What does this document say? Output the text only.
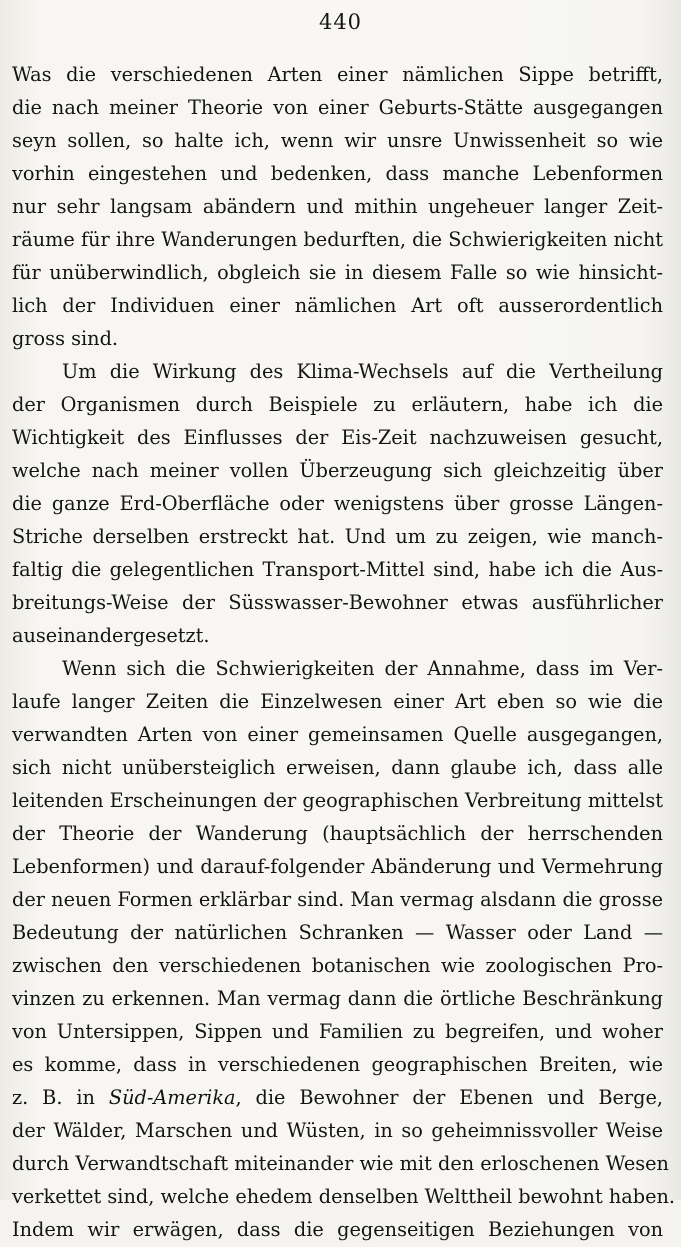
440
Was die verschiedenen Arten einer nämlichen Sippe betrifft,
die nach meiner Theorie von einer Geburts-Stätte ausgegangen
seyn sollen, so halte ich, wenn wir unsre Unwissenheit so wie
vorhin eingestehen und bedenken, dass manche Lebenformen
nur sehr langsam abändern und mithin ungeheuer langer Zeit-
räume für ihre Wanderungen bedurften, die Schwierigkeiten nicht
für unüberwindlich, obgleich sie in diesem Falle so wie hinsicht-
lich der Individuen einer nämlichen Art oft ausserordentlich
gross sind.
Um die Wirkung des Klima-Wechsels auf die Vertheilung
der Organismen durch Beispiele zu erläutern, habe ich die
Wichtigkeit des Einflusses der Eis-Zeit nachzuweisen gesucht,
welche nach meiner vollen Überzeugung sich gleichzeitig über
die ganze Erd-Oberfläche oder wenigstens über grosse Längen-
Striche derselben erstreckt hat. Und um zu zeigen, wie manch-
faltig die gelegentlichen Transport-Mittel sind, habe ich die Aus-
breitungs-Weise der Süsswasser-Bewohner etwas ausführlicher
auseinandergesetzt.
Wenn sich die Schwierigkeiten der Annahme, dass im Ver-
laufe langer Zeiten die Einzelwesen einer Art eben so wie die
verwandten Arten von einer gemeinsamen Quelle ausgegangen,
sich nicht unübersteiglich erweisen, dann glaube ich, dass alle
leitenden Erscheinungen der geographischen Verbreitung mittelst
der Theorie der Wanderung (hauptsächlich der herrschenden
Lebenformen) und darauf-folgender Abänderung und Vermehrung
der neuen Formen erklärbar sind. Man vermag alsdann die grosse
Bedeutung der natürlichen Schranken — Wasser oder Land —
zwischen den verschiedenen botanischen wie zoologischen Pro-
vinzen zu erkennen. Man vermag dann die örtliche Beschränkung
von Untersippen, Sippen und Familien zu begreifen, und woher
es komme, dass in verschiedenen geographischen Breiten, wie
z. B. in Süd-Amerika, die Bewohner der Ebenen und Berge,
der Wälder, Marschen und Wüsten, in so geheimnissvoller Weise
durch Verwandtschaft miteinander wie mit den erloschenen Wesen
verkettet sind, welche ehedem denselben Welttheil bewohnt haben.
Indem wir erwägen, dass die gegenseitigen Beziehungen von
